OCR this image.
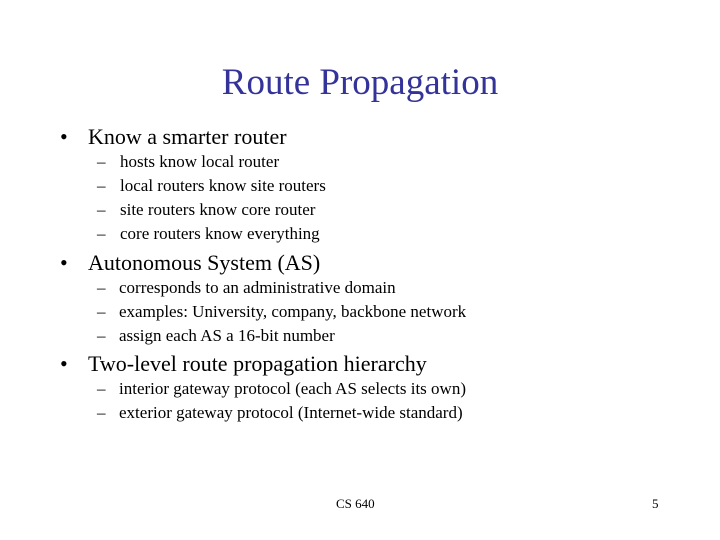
Route Propagation
• Know a smarter router
– hosts know local router
– local routers know site routers
– site routers know core router
– core routers know everything
• Autonomous System (AS)
– corresponds to an administrative domain
– examples: University, company, backbone network
– assign each AS a 16-bit number
• Two-level route propagation hierarchy
– interior gateway protocol (each AS selects its own)
– exterior gateway protocol (Internet-wide standard)
CS 640	5
